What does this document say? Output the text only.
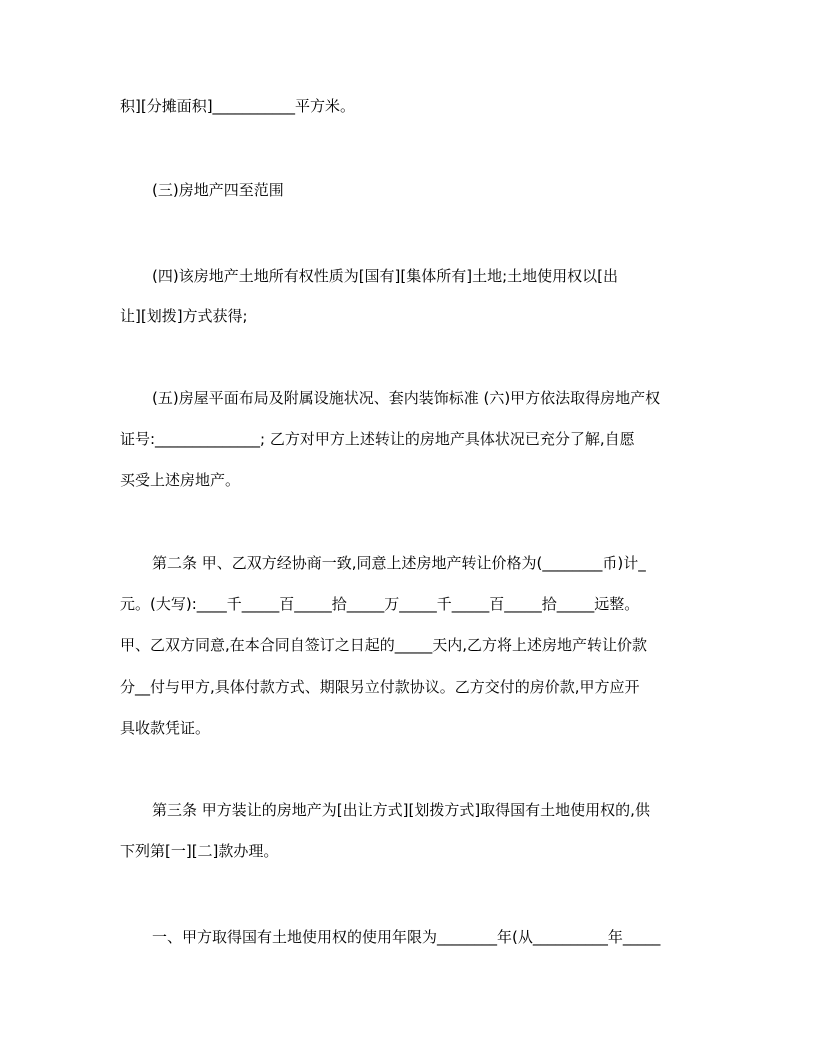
积][分摊面积]___________平方米。
(三)房地产四至范围
(四)该房地产土地所有权性质为[国有][集体所有]土地;土地使用权以[出
让][划拨]方式获得;
(五)房屋平面布局及附属设施状况、套内装饰标准 (六)甲方依法取得房地产权
证号:______________; 乙方对甲方上述转让的房地产具体状况已充分了解,自愿
买受上述房地产。
第二条 甲、乙双方经协商一致,同意上述房地产转让价格为(________币)计_
元。(大写):____千_____百_____拾_____万_____千_____百_____拾_____远整。
甲、乙双方同意,在本合同自签订之日起的_____天内,乙方将上述房地产转让价款
分__付与甲方,具体付款方式、期限另立付款协议。乙方交付的房价款,甲方应开
具收款凭证。
第三条 甲方装让的房地产为[出让方式][划拨方式]取得国有土地使用权的,供
下列第[一][二]款办理。
一、甲方取得国有土地使用权的使用年限为________年(从__________年_____
